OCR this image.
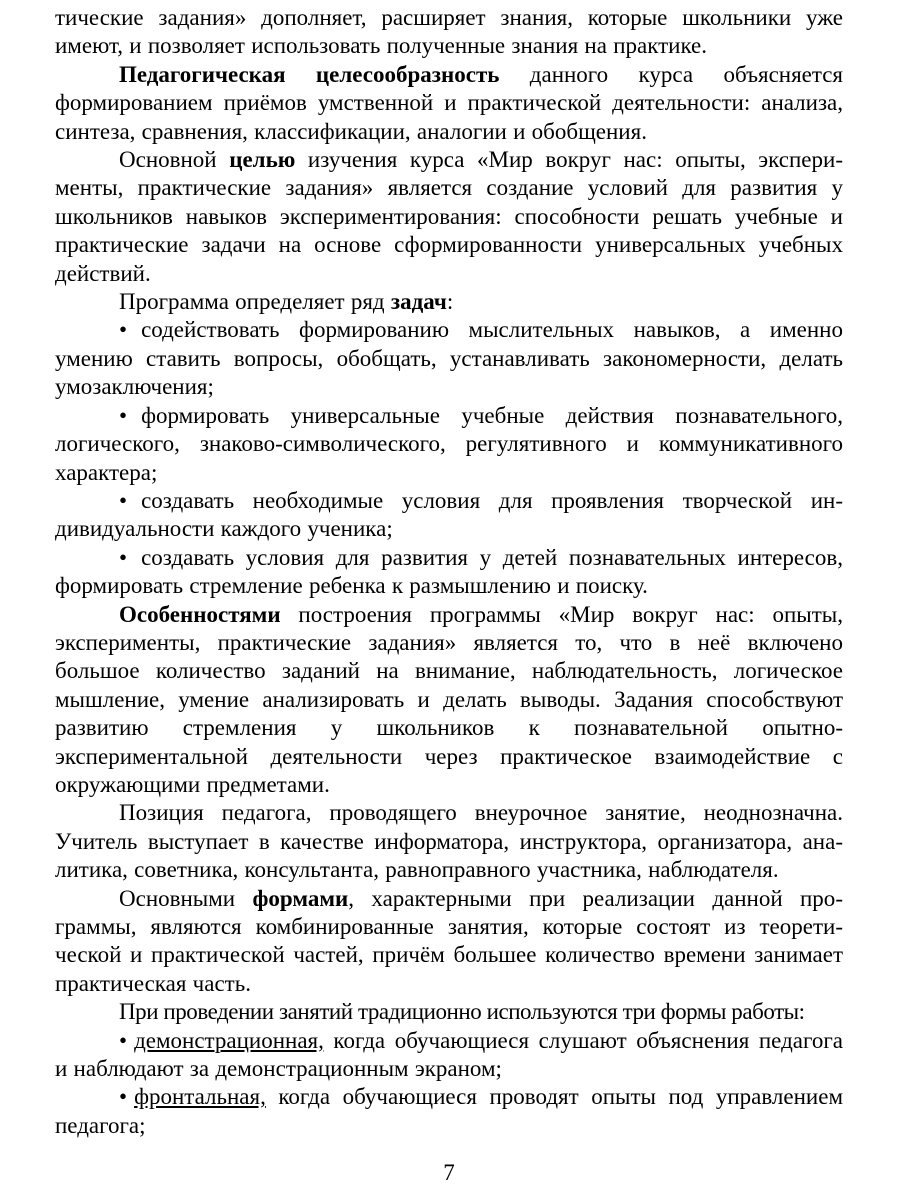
тические задания» дополняет, расширяет знания, которые школьники уже имеют, и позволяет использовать полученные знания на практике.

Педагогическая целесообразность данного курса объясняется формированием приёмов умственной и практической деятельности: анализа, синтеза, сравнения, классификации, аналогии и обобщения.

Основной целью изучения курса «Мир вокруг нас: опыты, эксперименты, практические задания» является создание условий для развития у школьников навыков экспериментирования: способности решать учебные и практические задачи на основе сформированности универсальных учебных действий.

Программа определяет ряд задач:

• содействовать формированию мыслительных навыков, а именно умению ставить вопросы, обобщать, устанавливать закономерности, делать умозаключения;

• формировать универсальные учебные действия познавательного, логического, знаково-символического, регулятивного и коммуникативного характера;

• создавать необходимые условия для проявления творческой индивидуальности каждого ученика;

• создавать условия для развития у детей познавательных интересов, формировать стремление ребенка к размышлению и поиску.

Особенностями построения программы «Мир вокруг нас: опыты, эксперименты, практические задания» является то, что в неё включено большое количество заданий на внимание, наблюдательность, логическое мышление, умение анализировать и делать выводы. Задания способствуют развитию стремления у школьников к познавательной опытно-экспериментальной деятельности через практическое взаимодействие с окружающими предметами.

Позиция педагога, проводящего внеурочное занятие, неоднозначна. Учитель выступает в качестве информатора, инструктора, организатора, аналитика, советника, консультанта, равноправного участника, наблюдателя.

Основными формами, характерными при реализации данной программы, являются комбинированные занятия, которые состоят из теоретической и практической частей, причём большее количество времени занимает практическая часть.

При проведении занятий традиционно используются три формы работы:

• демонстрационная, когда обучающиеся слушают объяснения педагога и наблюдают за демонстрационным экраном;

• фронтальная, когда обучающиеся проводят опыты под управлением педагога;

7
